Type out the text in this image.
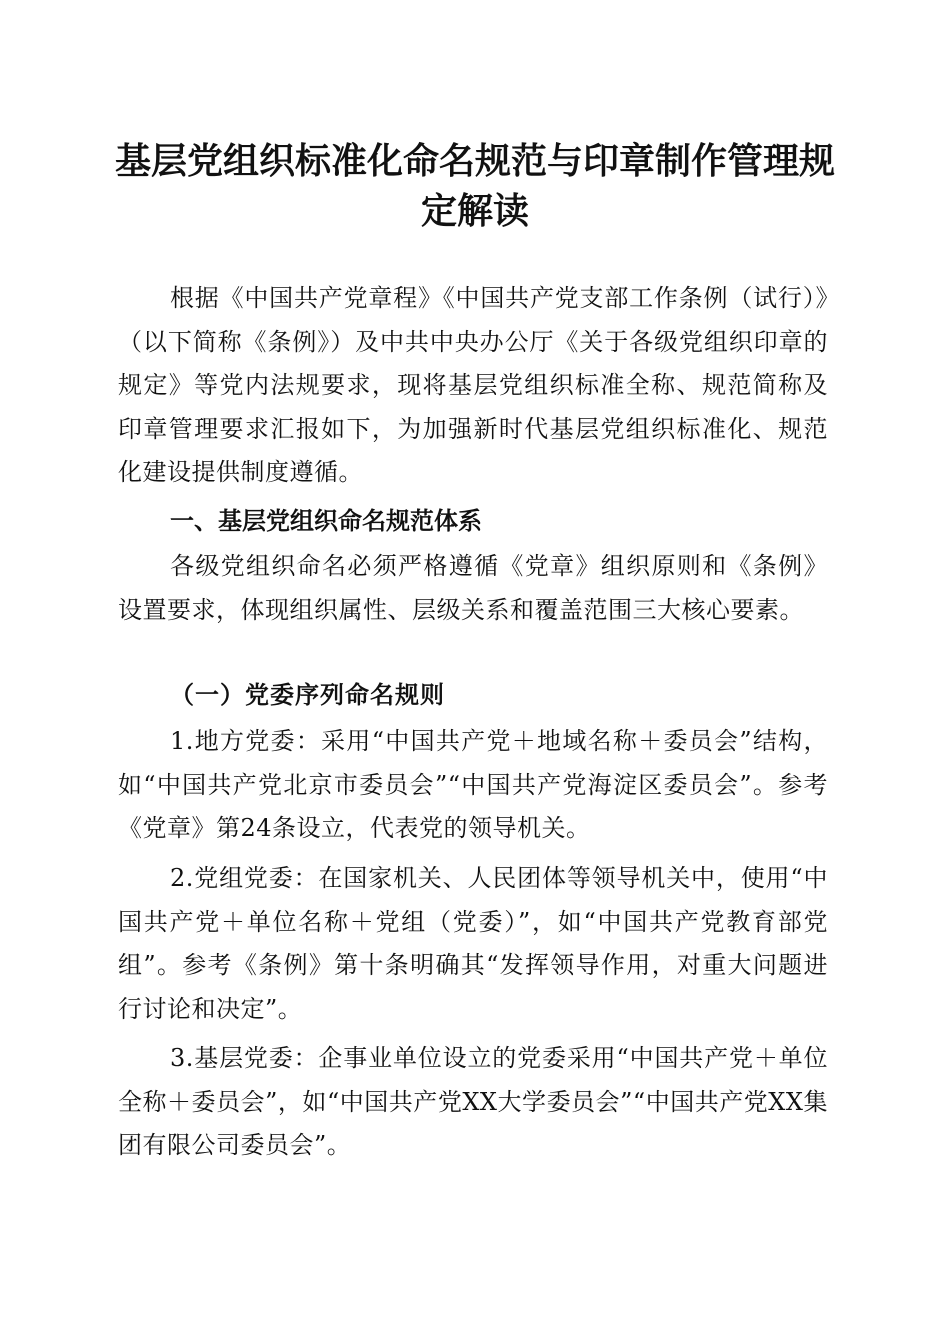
基层党组织标准化命名规范与印章制作管理规
定解读

根据《中国共产党章程》《中国共产党支部工作条例（试行）》（以下简称《条例》）及中共中央办公厅《关于各级党组织印章的规定》等党内法规要求，现将基层党组织标准全称、规范简称及印章管理要求汇报如下，为加强新时代基层党组织标准化、规范化建设提供制度遵循。

一、基层党组织命名规范体系

各级党组织命名必须严格遵循《党章》组织原则和《条例》设置要求，体现组织属性、层级关系和覆盖范围三大核心要素。

（一）党委序列命名规则

1.地方党委：采用“中国共产党＋地域名称＋委员会”结构，如“中国共产党北京市委员会”“中国共产党海淀区委员会”。参考《党章》第24条设立，代表党的领导机关。

2.党组党委：在国家机关、人民团体等领导机关中，使用“中国共产党＋单位名称＋党组（党委）”，如“中国共产党教育部党组”。参考《条例》第十条明确其“发挥领导作用，对重大问题进行讨论和决定”。

3.基层党委：企事业单位设立的党委采用“中国共产党＋单位全称＋委员会”，如“中国共产党XX大学委员会”“中国共产党XX集团有限公司委员会”。
